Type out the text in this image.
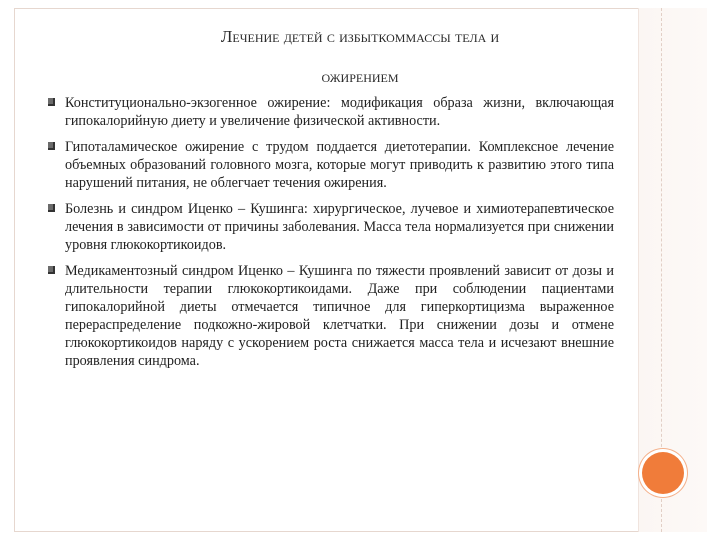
Лечение детей с избыткоммассы тела и
ожирением
Конституционально-экзогенное ожирение: модификация образа жизни, включающая гипокалорийную диету и увеличение физической активности.
Гипоталамическое ожирение с трудом поддается диетотерапии. Комплексное лечение объемных образований головного мозга, которые могут приводить к развитию этого типа нарушений питания, не облегчает течения ожирения.
Болезнь и синдром Иценко – Кушинга: хирургическое, лучевое и химиотерапевтическое лечения в зависимости от причины заболевания. Масса тела нормализуется при снижении уровня глюкокортикоидов.
Медикаментозный синдром Иценко – Кушинга по тяжести проявлений зависит от дозы и длительности терапии глюкокортикоидами. Даже при соблюдении пациентами гипокалорийной диеты отмечается типичное для гиперкортицизма выраженное перераспределение подкожно-жировой клетчатки. При снижении дозы и отмене глюкокортикоидов наряду с ускорением роста снижается масса тела и исчезают внешние проявления синдрома.
